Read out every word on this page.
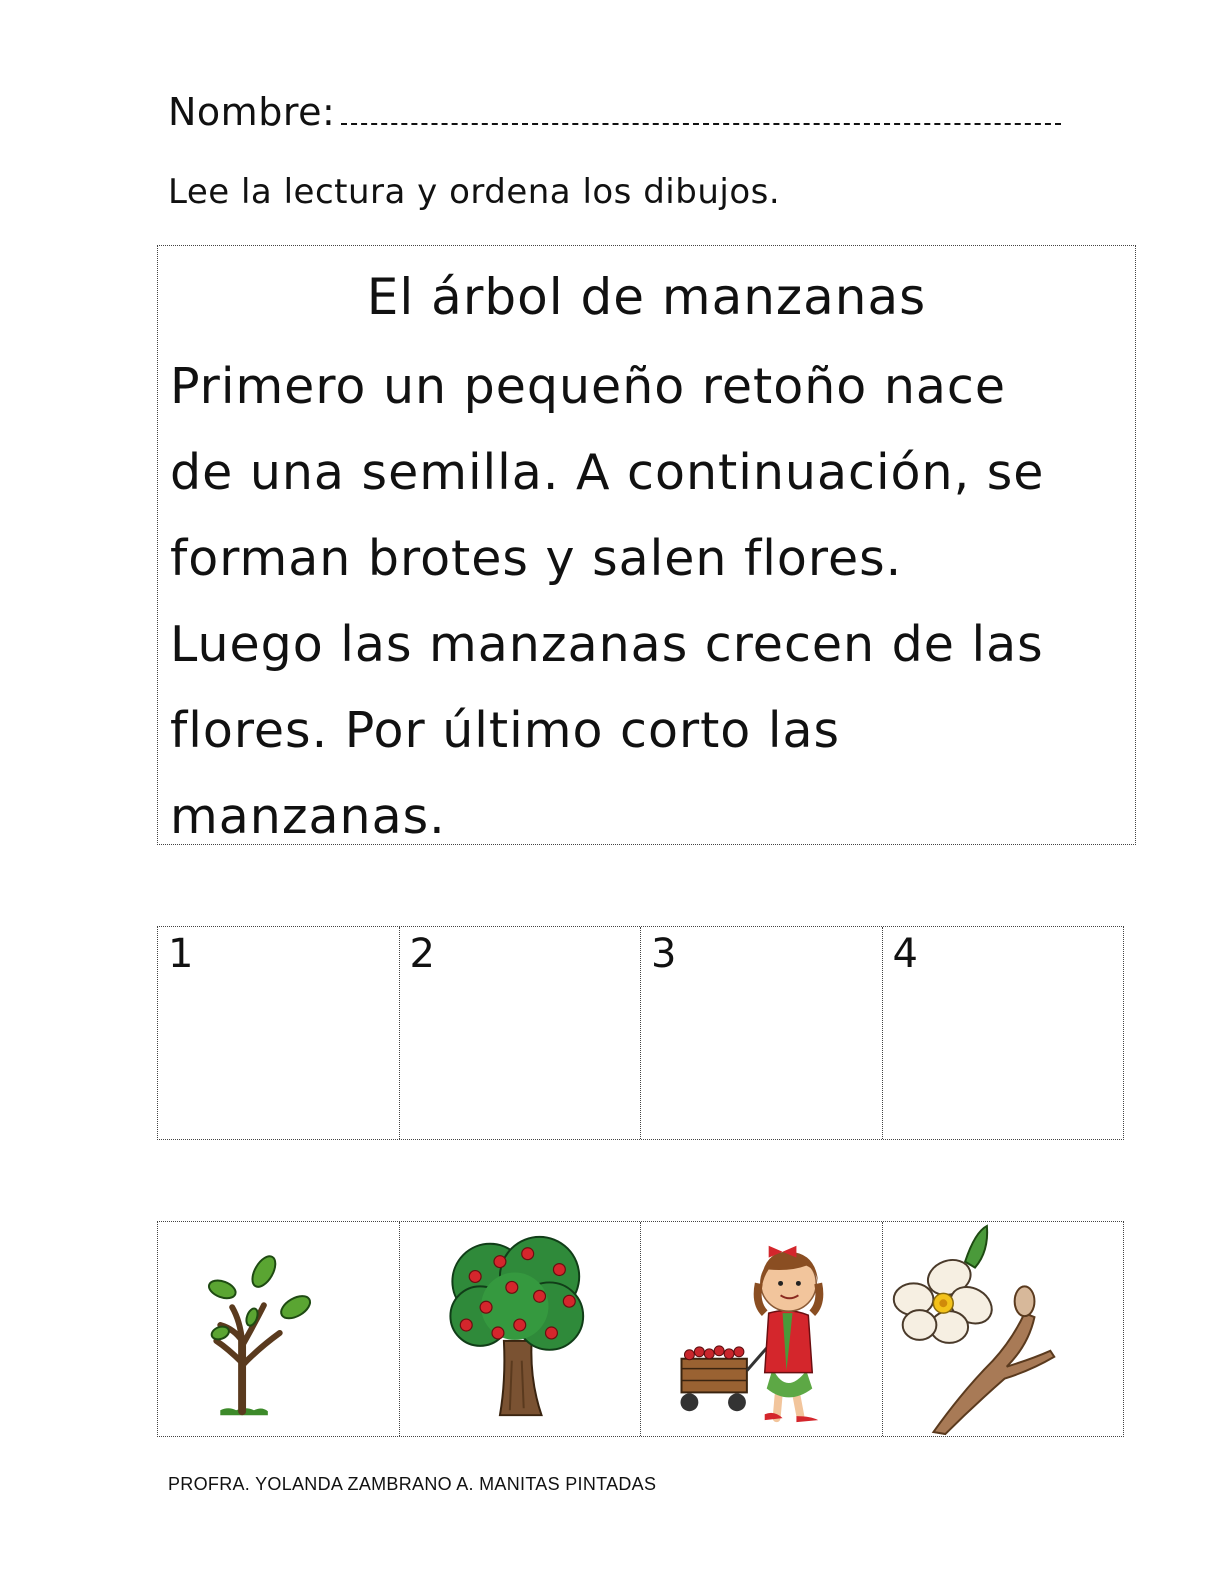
Nombre:
Lee la lectura y ordena los dibujos.
El árbol de manzanas
Primero un pequeño retoño nace
de una semilla. A continuación, se
forman brotes y salen flores.
Luego las manzanas crecen de las
flores. Por último corto las
manzanas.
1	2	3	4
PROFRA. YOLANDA ZAMBRANO A. MANITAS PINTADAS
